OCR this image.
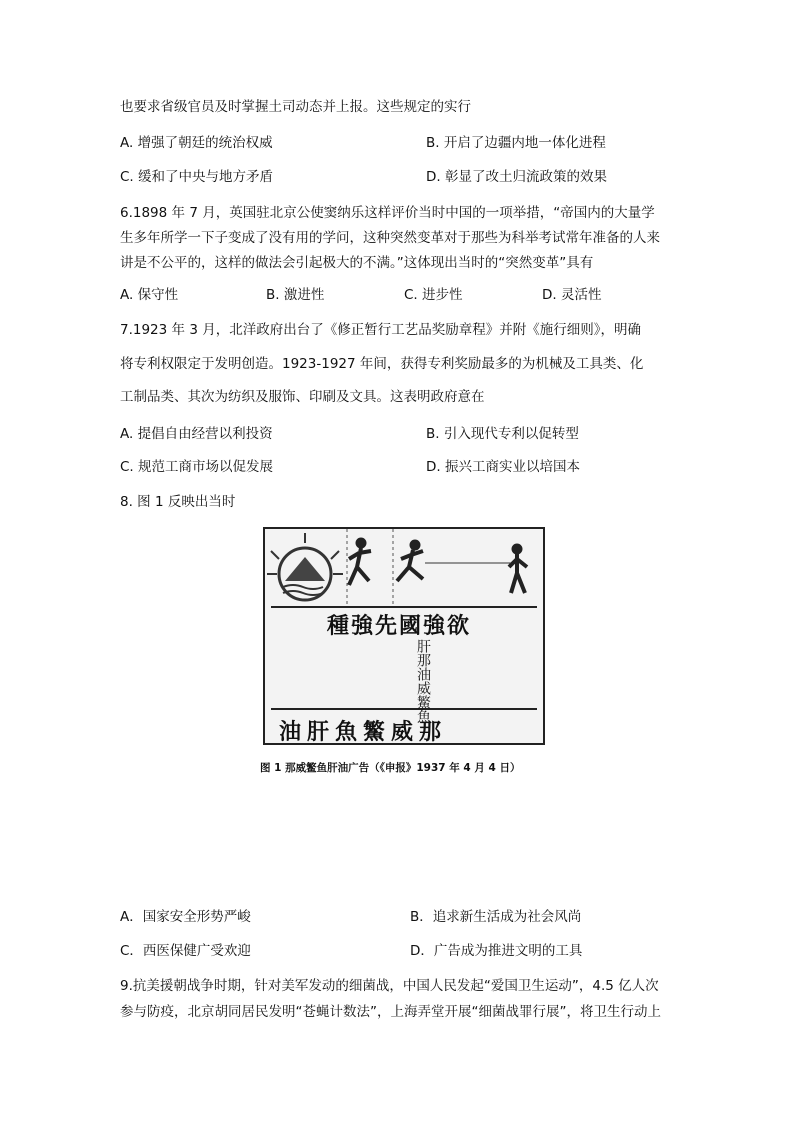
也要求省级官员及时掌握土司动态并上报。这些规定的实行
A. 增强了朝廷的统治权威	B. 开启了边疆内地一体化进程
C. 缓和了中央与地方矛盾	D. 彰显了改土归流政策的效果
6.1898 年 7 月，英国驻北京公使窦纳乐这样评价当时中国的一项举措，“帝国内的大量学
生多年所学一下子变成了没有用的学问，这种突然变革对于那些为科举考试常年准备的人来
讲是不公平的，这样的做法会引起极大的不满。”这体现出当时的“突然变革”具有
A. 保守性	B. 激进性	C. 进步性	D. 灵活性
7.1923 年 3 月，北洋政府出台了《修正暂行工艺品奖励章程》并附《施行细则》，明确
将专利权限定于发明创造。1923-1927 年间，获得专利奖励最多的为机械及工具类、化
工制品类、其次为纺织及服饰、印刷及文具。这表明政府意在
A. 提倡自由经营以利投资	B. 引入现代专利以促转型
C. 规范工商市场以促发展	D. 振兴工商实业以培国本
8. 图 1 反映出当时
種強先國強欲
肝那油威鰵魚
油肝魚鰵威那
图 1 那威鳘鱼肝油广告（《申报》1937 年 4 月 4 日）
A．国家安全形势严峻	B．追求新生活成为社会风尚
C．西医保健广受欢迎	D．广告成为推进文明的工具
9.抗美援朝战争时期，针对美军发动的细菌战，中国人民发起“爱国卫生运动”，4.5 亿人次
参与防疫，北京胡同居民发明“苍蝇计数法”，上海弄堂开展“细菌战罪行展”，将卫生行动上
